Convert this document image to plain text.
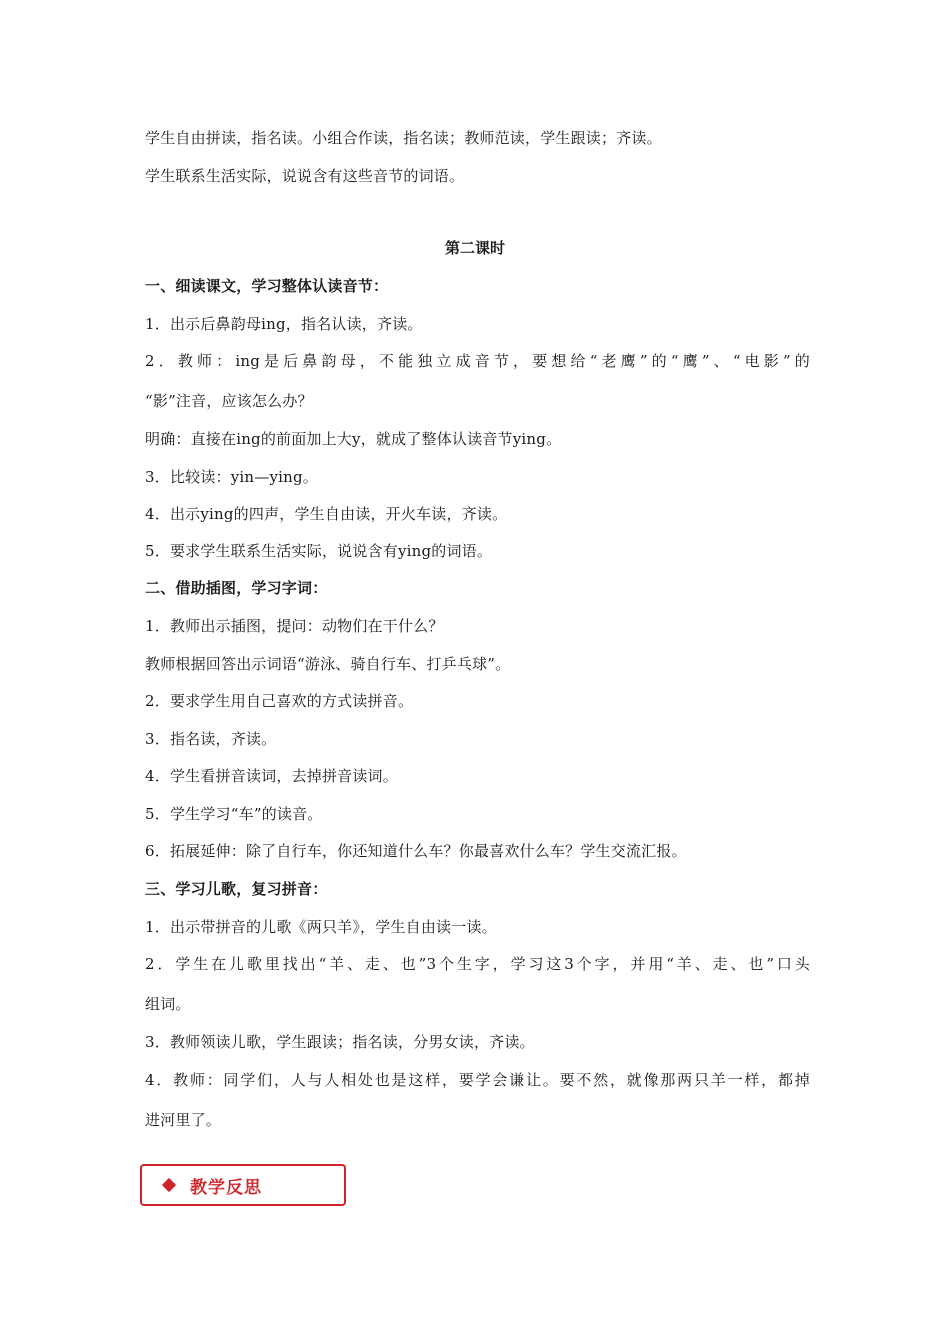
学生自由拼读，指名读。小组合作读，指名读；教师范读，学生跟读；齐读。
学生联系生活实际，说说含有这些音节的词语。
第二课时
一、细读课文，学习整体认读音节：
1．出示后鼻韵母ing，指名认读，齐读。
2．教师：ing是后鼻韵母，不能独立成音节，要想给“老鹰”的“鹰”、“电影”的
“影”注音，应该怎么办？
明确：直接在ing的前面加上大y，就成了整体认读音节ying。
3．比较读：yin—ying。
4．出示ying的四声，学生自由读，开火车读，齐读。
5．要求学生联系生活实际，说说含有ying的词语。
二、借助插图，学习字词：
1．教师出示插图，提问：动物们在干什么？
教师根据回答出示词语“游泳、骑自行车、打乒乓球”。
2．要求学生用自己喜欢的方式读拼音。
3．指名读，齐读。
4．学生看拼音读词，去掉拼音读词。
5．学生学习“车”的读音。
6．拓展延伸：除了自行车，你还知道什么车？你最喜欢什么车？学生交流汇报。
三、学习儿歌，复习拼音：
1．出示带拼音的儿歌《两只羊》，学生自由读一读。
2．学生在儿歌里找出“羊、走、也”3个生字，学习这3个字，并用“羊、走、也”口头
组词。
3．教师领读儿歌，学生跟读；指名读，分男女读，齐读。
4．教师：同学们，人与人相处也是这样，要学会谦让。要不然，就像那两只羊一样，都掉
进河里了。
教学反思
